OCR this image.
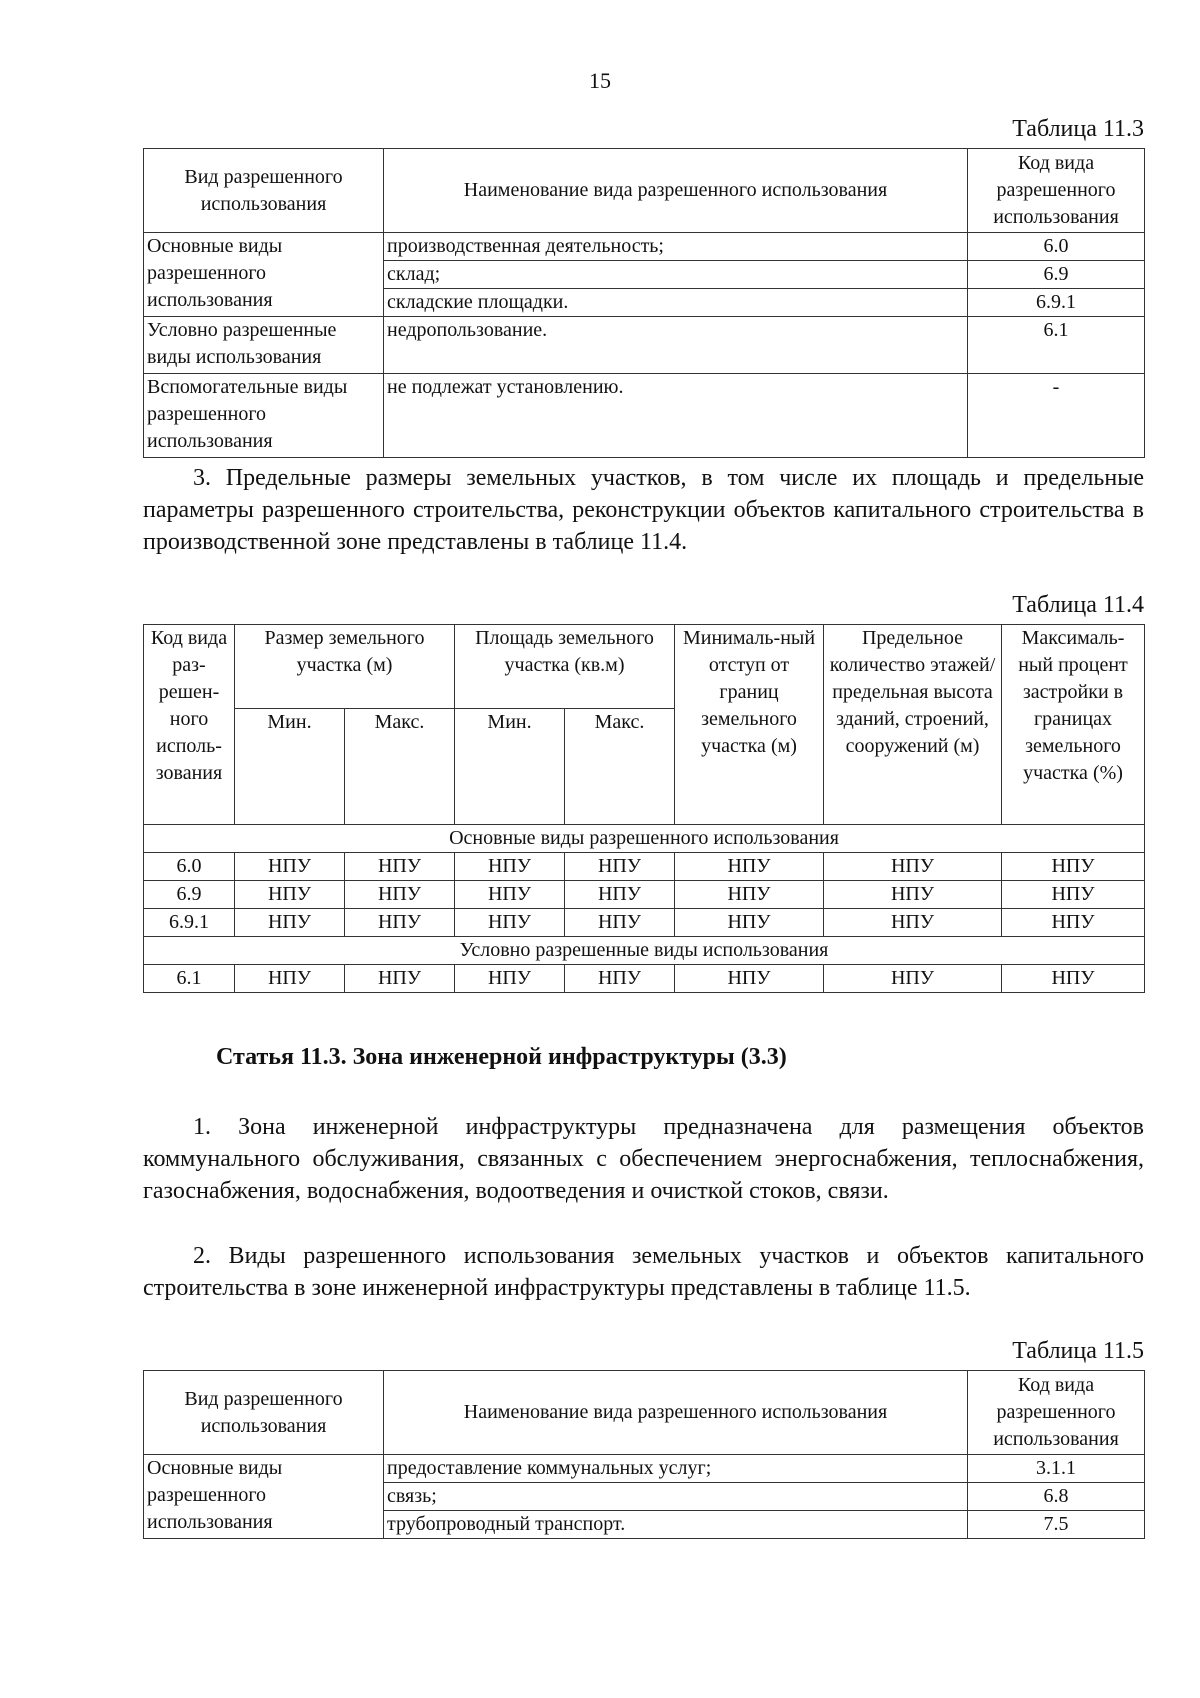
15
Таблица 11.3
Вид разрешенного использования	Наименование вида разрешенного использования	Код вида разрешенного использования
Основные виды разрешенного использования	производственная деятельность;	6.0
	склад;	6.9
	складские площадки.	6.9.1
Условно разрешенные виды использования	недропользование.	6.1
Вспомогательные виды разрешенного использования	не подлежат установлению.	-
3. Предельные размеры земельных участков, в том числе их площадь и предельные параметры разрешенного строительства, реконструкции объектов капитального строительства в производственной зоне представлены в таблице 11.4.
Таблица 11.4
Код вида раз-решен-ного исполь-зования	Размер земельного участка (м)		Площадь земельного участка (кв.м)		Минималь-ный отступ от границ земельного участка (м)	Предельное количество этажей/ предельная высота зданий, строений, сооружений (м)	Максималь-ный процент застройки в границах земельного участка (%)
	Мин.	Макс.	Мин.	Макс.			
Основные виды разрешенного использования							
6.0	НПУ	НПУ	НПУ	НПУ	НПУ	НПУ	НПУ
6.9	НПУ	НПУ	НПУ	НПУ	НПУ	НПУ	НПУ
6.9.1	НПУ	НПУ	НПУ	НПУ	НПУ	НПУ	НПУ
Условно разрешенные виды использования							
6.1	НПУ	НПУ	НПУ	НПУ	НПУ	НПУ	НПУ
Статья 11.3. Зона инженерной инфраструктуры (3.3)
1. Зона инженерной инфраструктуры предназначена для размещения объектов коммунального обслуживания, связанных с обеспечением энергоснабжения, теплоснабжения, газоснабжения, водоснабжения, водоотведения и очисткой стоков, связи.
2. Виды разрешенного использования земельных участков и объектов капитального строительства в зоне инженерной инфраструктуры представлены в таблице 11.5.
Таблица 11.5
Вид разрешенного использования	Наименование вида разрешенного использования	Код вида разрешенного использования
Основные виды разрешенного использования	предоставление коммунальных услуг;	3.1.1
	связь;	6.8
	трубопроводный транспорт.	7.5
